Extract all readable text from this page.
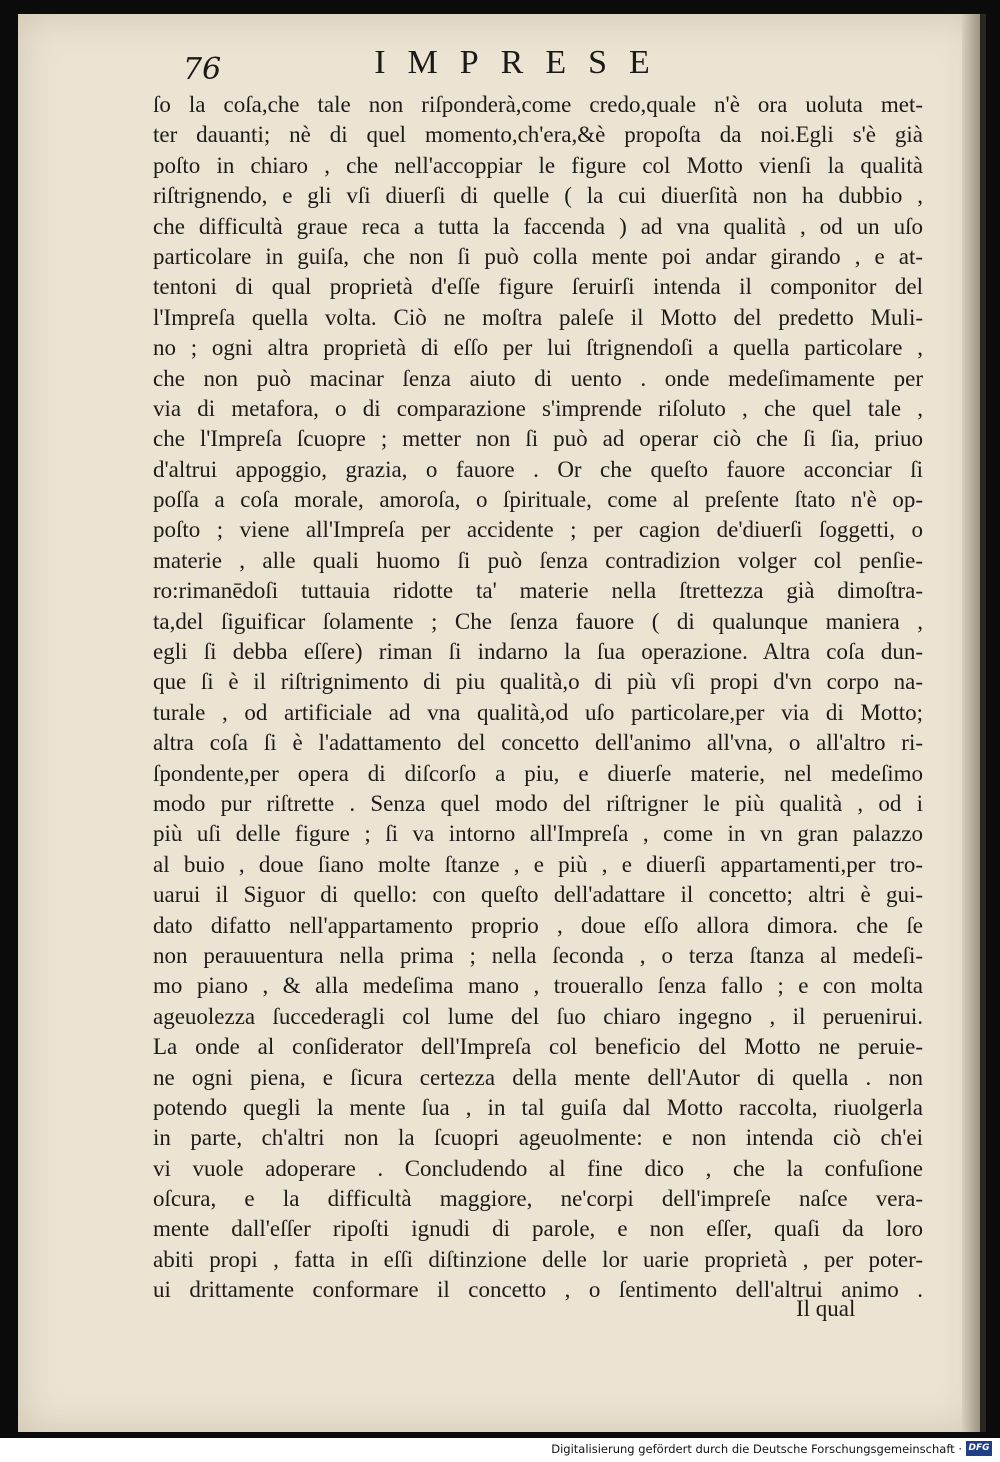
76	IMPRESE
ſo la coſa,che tale non riſponderà,come credo,quale n'è ora uoluta met-
ter dauanti; nè di quel momento,ch'era,&è propoſta da noi.Egli s'è già
poſto in chiaro , che nell'accoppiar le figure col Motto vienſi la qualità
riſtrignendo, e gli vſi diuerſi di quelle ( la cui diuerſità non ha dubbio ,
che difficultà graue reca a tutta la faccenda ) ad vna qualità , od un uſo
particolare in guiſa, che non ſi può colla mente poi andar girando , e at-
tentoni di qual proprietà d'eſſe figure ſeruirſi intenda il componitor del
l'Impreſa quella volta. Ciò ne moſtra paleſe il Motto del predetto Muli-
no ; ogni altra proprietà di eſſo per lui ſtrignendoſi a quella particolare ,
che non può macinar ſenza aiuto di uento . onde medeſimamente per
via di metafora, o di comparazione s'imprende riſoluto , che quel tale ,
che l'Impreſa ſcuopre ; metter non ſi può ad operar ciò che ſi ſia, priuo
d'altrui appoggio, grazia, o fauore . Or che queſto fauore acconciar ſi
poſſa a coſa morale, amoroſa, o ſpirituale, come al preſente ſtato n'è op-
poſto ; viene all'Impreſa per accidente ; per cagion de'diuerſi ſoggetti, o
materie , alle quali huomo ſi può ſenza contradizion volger col penſie-
ro:rimanēdoſi tuttauia ridotte ta' materie nella ſtrettezza già dimoſtra-
ta,del ſiguificar ſolamente ; Che ſenza fauore ( di qualunque maniera ,
egli ſi debba eſſere) riman ſi indarno la ſua operazione. Altra coſa dun-
que ſi è il riſtrignimento di piu qualità,o di più vſi propi d'vn corpo na-
turale , od artificiale ad vna qualità,od uſo particolare,per via di Motto;
altra coſa ſi è l'adattamento del concetto dell'animo all'vna, o all'altro ri-
ſpondente,per opera di diſcorſo a piu, e diuerſe materie, nel medeſimo
modo pur riſtrette . Senza quel modo del riſtrigner le più qualità , od i
più uſi delle figure ; ſi va intorno all'Impreſa , come in vn gran palazzo
al buio , doue ſiano molte ſtanze , e più , e diuerſi appartamenti,per tro-
uarui il Siguor di quello: con queſto dell'adattare il concetto; altri è gui-
dato difatto nell'appartamento proprio , doue eſſo allora dimora. che ſe
non perauuentura nella prima ; nella ſeconda , o terza ſtanza al medeſi-
mo piano , & alla medeſima mano , trouerallo ſenza fallo ; e con molta
ageuolezza ſuccederagli col lume del ſuo chiaro ingegno , il peruenirui.
La onde al conſiderator dell'Impreſa col beneficio del Motto ne peruie-
ne ogni piena, e ſicura certezza della mente dell'Autor di quella . non
potendo quegli la mente ſua , in tal guiſa dal Motto raccolta, riuolgerla
in parte, ch'altri non la ſcuopri ageuolmente: e non intenda ciò ch'ei
vi vuole adoperare . Concludendo al fine dico , che la confuſione
oſcura, e la difficultà maggiore, ne'corpi dell'impreſe naſce vera-
mente dall'eſſer ripoſti ignudi di parole, e non eſſer, quaſi da loro
abiti propi , fatta in eſſi diſtinzione delle lor uarie proprietà , per poter-
ui drittamente conformare il concetto , o ſentimento dell'altrui animo .
Il qual
Digitalisierung gefördert durch die Deutsche Forschungsgemeinschaft · DFG
